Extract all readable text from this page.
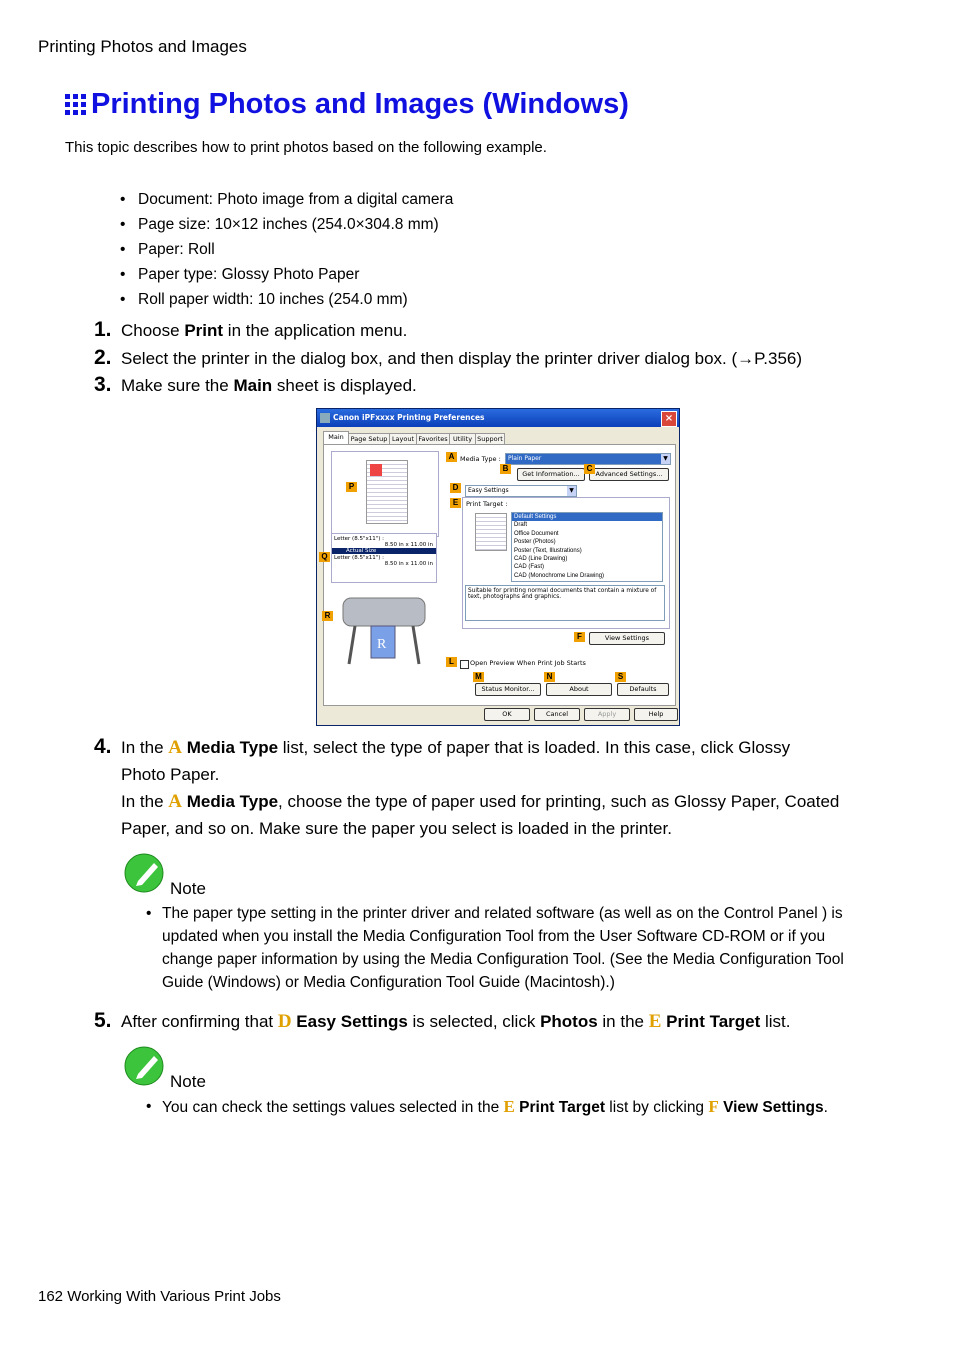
Printing Photos and Images
Printing Photos and Images (Windows)
This topic describes how to print photos based on the following example.
• Document: Photo image from a digital camera
• Page size: 10×12 inches (254.0×304.8 mm)
• Paper: Roll
• Paper type: Glossy Photo Paper
• Roll paper width: 10 inches (254.0 mm)
1. Choose Print in the application menu.
2. Select the printer in the dialog box, and then display the printer driver dialog box. (→P.356)
3. Make sure the Main sheet is displayed.
Canon iPFxxxx Printing Preferences	×
Main	Page Setup Layout Favorites Utility Support
Letter (8.5"x11") :
8.50 in x 11.00 in
Actual Size
Letter (8.5"x11") :
8.50 in x 11.00 in
R
Media Type :	Plain Paper	▼
Get Information...	Advanced Settings...
Easy Settings	▼
Print Target :
Suitable for printing normal documents that contain a mixture of text, photographs and graphics.
View Settings
Open Preview When Print Job Starts
Status Monitor...	About	Defaults
OK	Cancel	Apply	Help
Default Settings
Draft
Office Document
Poster (Photos)
Poster (Text, Illustrations)
CAD (Line Drawing)
CAD (Fast)
CAD (Monochrome Line Drawing)
A
B	C
D
E
F
L
M	N	S
P
Q
R
4. In the A Media Type list, select the type of paper that is loaded. In this case, click Glossy
Photo Paper.
In the A Media Type, choose the type of paper used for printing, such as Glossy Paper, Coated
Paper, and so on. Make sure the paper you select is loaded in the printer.
Note
• The paper type setting in the printer driver and related software (as well as on the Control Panel ) is
updated when you install the Media Configuration Tool from the User Software CD-ROM or if you
change paper information by using the Media Configuration Tool. (See the Media Configuration Tool
Guide (Windows) or Media Configuration Tool Guide (Macintosh).)
5. After confirming that D Easy Settings is selected, click Photos in the E Print Target list.
Note
• You can check the settings values selected in the E Print Target list by clicking F View Settings.
162 Working With Various Print Jobs
